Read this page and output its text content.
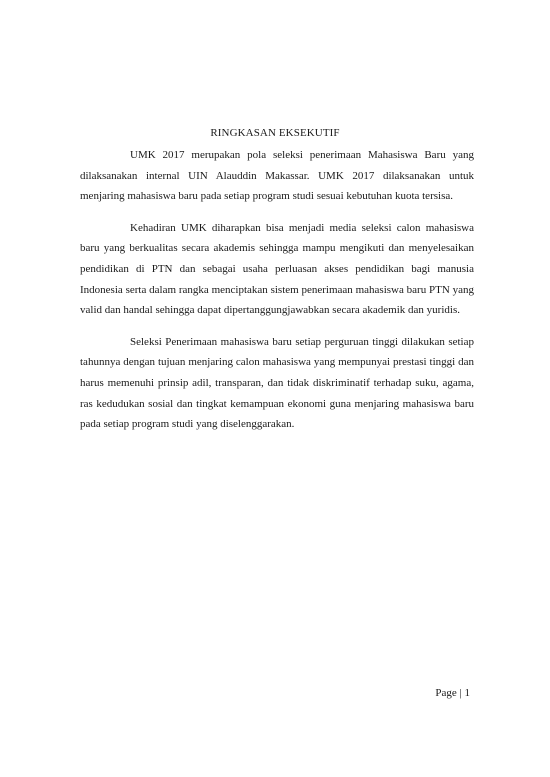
RINGKASAN EKSEKUTIF

UMK 2017 merupakan pola seleksi penerimaan Mahasiswa Baru yang dilaksanakan internal UIN Alauddin Makassar. UMK 2017 dilaksanakan untuk menjaring mahasiswa baru pada setiap program studi sesuai kebutuhan kuota tersisa.

Kehadiran UMK diharapkan bisa menjadi media seleksi calon mahasiswa baru yang berkualitas secara akademis sehingga mampu mengikuti dan menyelesaikan pendidikan di PTN dan sebagai usaha perluasan akses pendidikan bagi manusia Indonesia serta dalam rangka menciptakan sistem penerimaan mahasiswa baru PTN yang valid dan handal sehingga dapat dipertanggungjawabkan secara akademik dan yuridis.

Seleksi Penerimaan mahasiswa baru setiap perguruan tinggi dilakukan setiap tahunnya dengan tujuan menjaring calon mahasiswa yang mempunyai prestasi tinggi dan harus memenuhi prinsip adil, transparan, dan tidak diskriminatif terhadap suku, agama, ras kedudukan sosial dan tingkat kemampuan ekonomi guna menjaring mahasiswa baru pada setiap program studi yang diselenggarakan.

Page | 1
